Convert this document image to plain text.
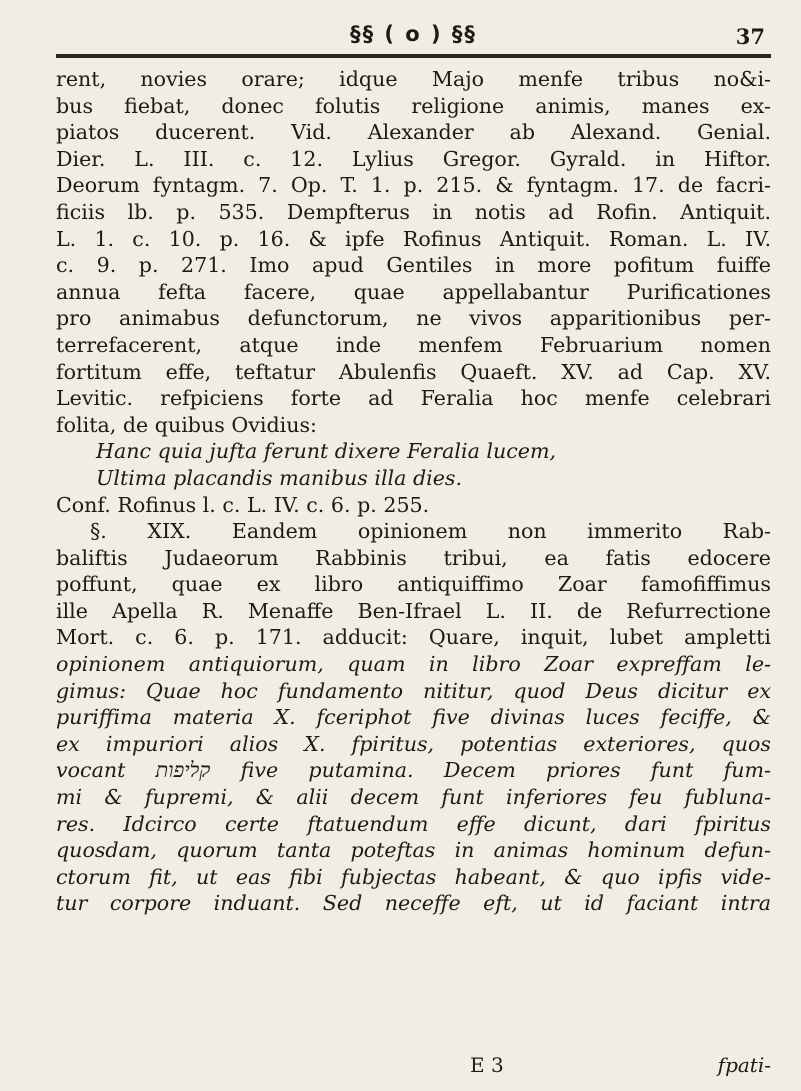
§§ ( o ) §§	37
rent, novies orare; idque Majo menfe tribus no&i-
bus fiebat, donec folutis religione animis, manes ex-
piatos ducerent. Vid. Alexander ab Alexand. Genial.
Dier. L. III. c. 12. Lylius Gregor. Gyrald. in Hiftor.
Deorum fyntagm. 7. Op. T. 1. p. 215. & fyntagm. 17. de facri-
ficiis lb. p. 535. Dempfterus in notis ad Rofin. Antiquit.
L. 1. c. 10. p. 16. & ipfe Rofinus Antiquit. Roman. L. IV.
c. 9. p. 271. Imo apud Gentiles in more pofitum fuiffe
annua fefta facere, quae appellabantur Purificationes
pro animabus defunctorum, ne vivos apparitionibus per-
terrefacerent, atque inde menfem Februarium nomen
fortitum effe, teftatur Abulenfis Quaeft. XV. ad Cap. XV.
Levitic. refpiciens forte ad Feralia hoc menfe celebrari
folita, de quibus Ovidius:
Hanc quia jufta ferunt dixere Feralia lucem,
Ultima placandis manibus illa dies.
Conf. Rofinus l. c. L. IV. c. 6. p. 255.
§. XIX. Eandem opinionem non immerito Rab-
baliftis Judaeorum Rabbinis tribui, ea fatis edocere
poffunt, quae ex libro antiquiffimo Zoar famofiffimus
ille Apella R. Menaffe Ben-Ifrael L. II. de Refurrectione
Mort. c. 6. p. 171. adducit: Quare, inquit, lubet ampletti
opinionem antiquiorum, quam in libro Zoar expreffam le-
gimus: Quae hoc fundamento nititur, quod Deus dicitur ex
puriffima materia X. fceriphot five divinas luces feciffe, &
ex impuriori alios X. fpiritus, potentias exteriores, quos
vocant קליפות five putamina. Decem priores funt fum-
mi & fupremi, & alii decem funt inferiores feu fubluna-
res. Idcirco certe ftatuendum effe dicunt, dari fpiritus
quosdam, quorum tanta poteftas in animas hominum defun-
ctorum fit, ut eas fibi fubjectas habeant, & quo ipfis vide-
tur corpore induant. Sed neceffe eft, ut id faciant intra
E 3	fpati-
